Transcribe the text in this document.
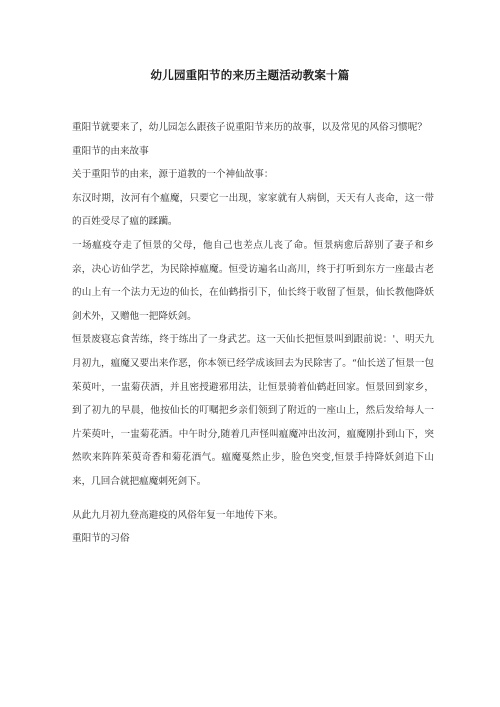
幼儿园重阳节的来历主题活动教案十篇

重阳节就要来了，幼儿园怎么跟孩子说重阳节来历的故事，以及常见的风俗习惯呢？

重阳节的由来故事

关于重阳节的由来，源于道教的一个神仙故事：

东汉时期，汝河有个瘟魔，只要它一出现，家家就有人病倒，天天有人丧命，这一带的百姓受尽了瘟的蹂躏。

一场瘟疫夺走了恒景的父母，他自己也差点儿丧了命。恒景病愈后辞别了妻子和乡亲，决心访仙学艺，为民除掉瘟魔。恒受访遍名山高川，终于打听到东方一座最古老的山上有一个法力无边的仙长，在仙鹤指引下，仙长终于收留了恒景，仙长教他降妖剑术外，又赠他一把降妖剑。

恒景废寝忘食苦练，终于练出了一身武艺。这一天仙长把恒景叫到跟前说：'、明天九月初九，瘟魔又要出来作恶，你本领已经学成该回去为民除害了。“仙长送了恒景一包茱萸叶，一盅菊茯酒，并且密授避邪用法，让恒景骑着仙鹤赶回家。恒景回到家乡，到了初九的早晨，他按仙长的叮嘱把乡亲们领到了附近的一座山上，然后发给每人一片茱萸叶，一盅菊花酒。中午时分,随着几声怪叫瘟魔冲出汝河，瘟魔刚扑到山下，突然吹来阵阵茱萸奇香和菊花酒气。瘟魔戛然止步，脸色突变,恒景手持降妖剑追下山来，几回合就把瘟魔刺死剑下。

从此九月初九登高避疫的风俗年复一年地传下来。

重阳节的习俗
